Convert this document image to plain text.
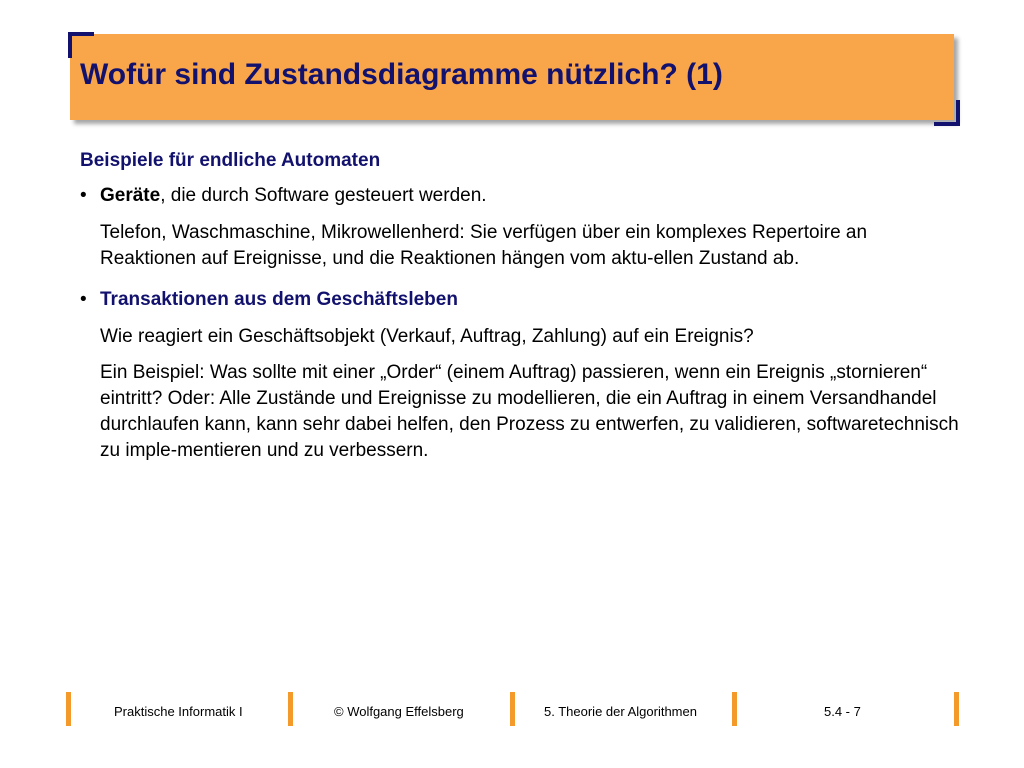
Wofür sind Zustandsdiagramme nützlich? (1)
Beispiele für endliche Automaten
• Geräte, die durch Software gesteuert werden.
Telefon, Waschmaschine, Mikrowellenherd: Sie verfügen über ein komplexes Repertoire an Reaktionen auf Ereignisse, und die Reaktionen hängen vom aktu-ellen Zustand ab.
• Transaktionen aus dem Geschäftsleben
Wie reagiert ein Geschäftsobjekt (Verkauf, Auftrag, Zahlung) auf ein Ereignis?
Ein Beispiel: Was sollte mit einer „Order“ (einem Auftrag) passieren, wenn ein Ereignis „stornieren“ eintritt? Oder: Alle Zustände und Ereignisse zu modellieren, die ein Auftrag in einem Versandhandel durchlaufen kann, kann sehr dabei helfen, den Prozess zu entwerfen, zu validieren, softwaretechnisch zu imple-mentieren und zu verbessern.
Praktische Informatik I	© Wolfgang Effelsberg	5. Theorie der Algorithmen	5.4 - 7
